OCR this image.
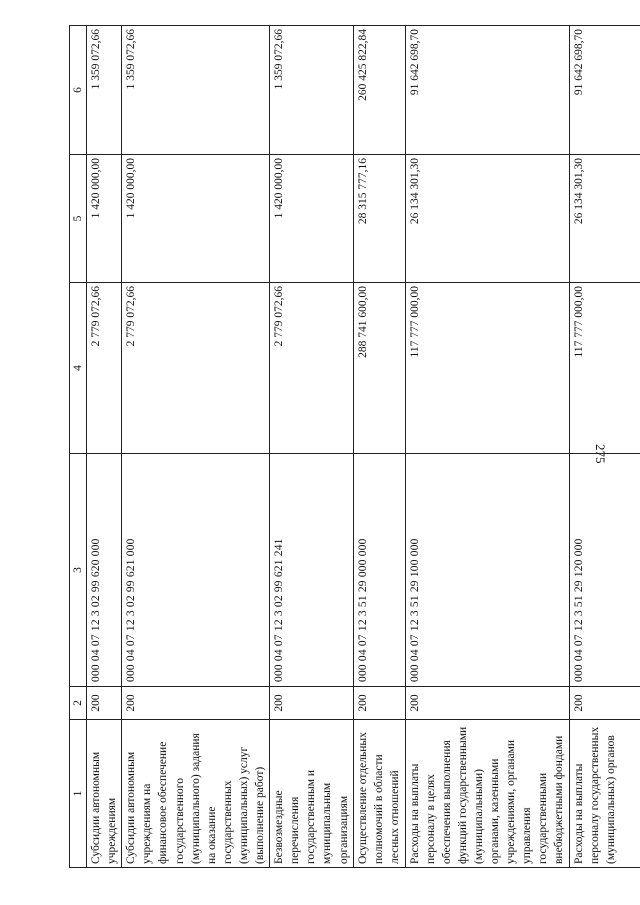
275
1	2	3	4	5	6
Субсидии автономным учреждениям	200	000 04 07 12 3 02 99 620 000	2 779 072,66	1 420 000,00	1 359 072,66
Субсидии автономным учреждениям на финансовое обеспечение государственного (муниципального) задания на оказание государственных (муниципальных) услуг (выполнение работ)	200	000 04 07 12 3 02 99 621 000	2 779 072,66	1 420 000,00	1 359 072,66
Безвозмездные перечисления государственным и муниципальным организациям	200	000 04 07 12 3 02 99 621 241	2 779 072,66	1 420 000,00	1 359 072,66
Осуществление отдельных полномочий в области лесных отношений	200	000 04 07 12 3 51 29 000 000	288 741 600,00	28 315 777,16	260 425 822,84
Расходы на выплаты персоналу в целях обеспечения выполнения функций государственными (муниципальными) органами, казенными учреждениями, органами управления государственными внебюджетными фондами	200	000 04 07 12 3 51 29 100 000	117 777 000,00	26 134 301,30	91 642 698,70
Расходы на выплаты персоналу государственных (муниципальных) органов	200	000 04 07 12 3 51 29 120 000	117 777 000,00	26 134 301,30	91 642 698,70
